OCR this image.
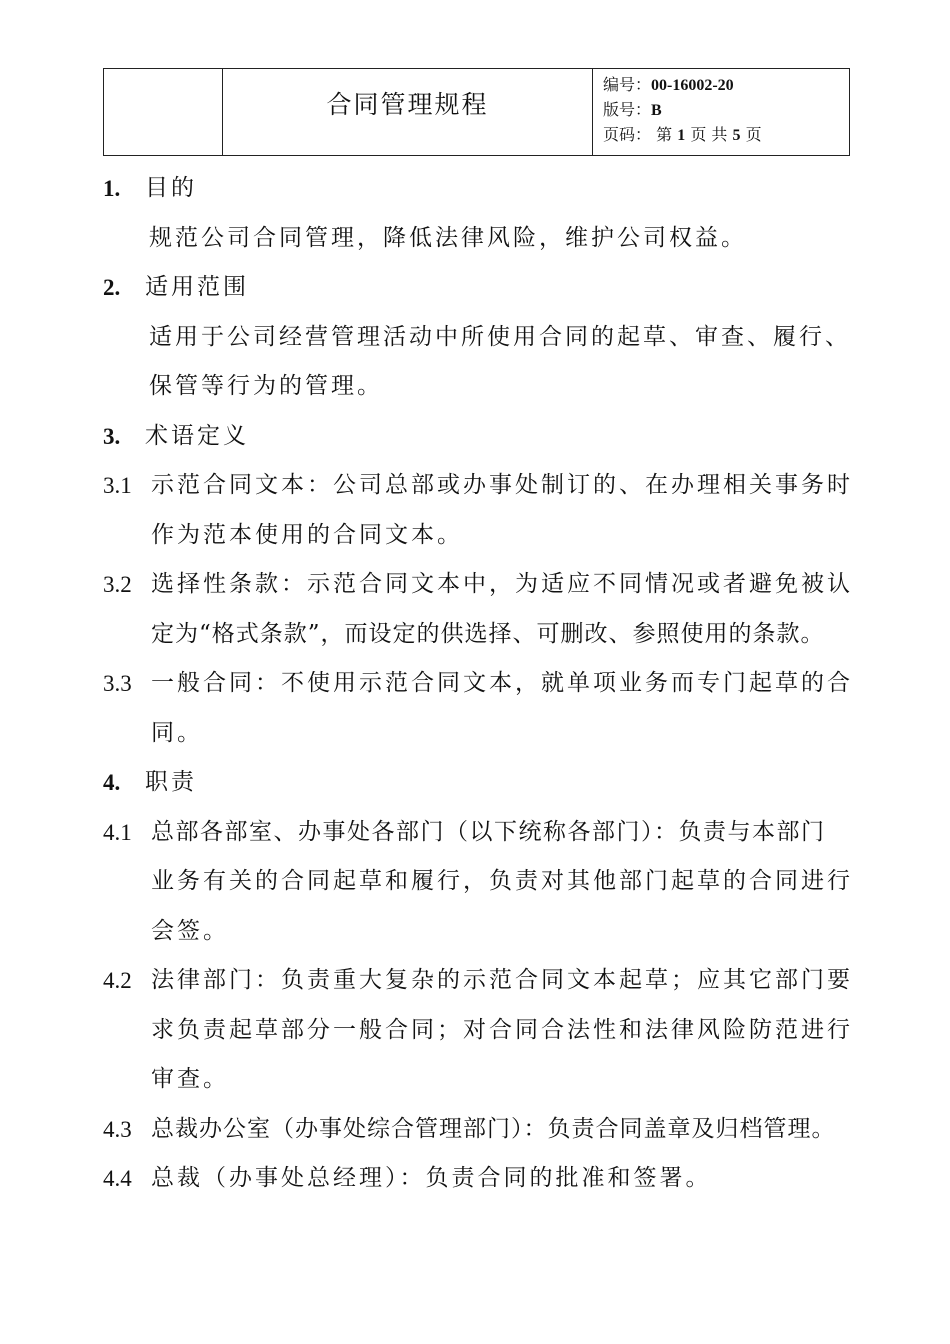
合同管理规程
编号：00-16002-20
版号：B
页码： 第 1 页 共 5 页
1. 目的
规范公司合同管理，降低法律风险，维护公司权益。
2. 适用范围
适用于公司经营管理活动中所使用合同的起草、审查、履行、
保管等行为的管理。
3. 术语定义
3.1 示范合同文本：公司总部或办事处制订的、在办理相关事务时
作为范本使用的合同文本。
3.2 选择性条款：示范合同文本中，为适应不同情况或者避免被认
定为“格式条款”，而设定的供选择、可删改、参照使用的条款。
3.3 一般合同：不使用示范合同文本，就单项业务而专门起草的合
同。
4. 职责
4.1 总部各部室、办事处各部门（以下统称各部门）：负责与本部门
业务有关的合同起草和履行，负责对其他部门起草的合同进行
会签。
4.2 法律部门：负责重大复杂的示范合同文本起草；应其它部门要
求负责起草部分一般合同；对合同合法性和法律风险防范进行
审查。
4.3 总裁办公室（办事处综合管理部门）：负责合同盖章及归档管理。
4.4 总裁（办事处总经理）：负责合同的批准和签署。
